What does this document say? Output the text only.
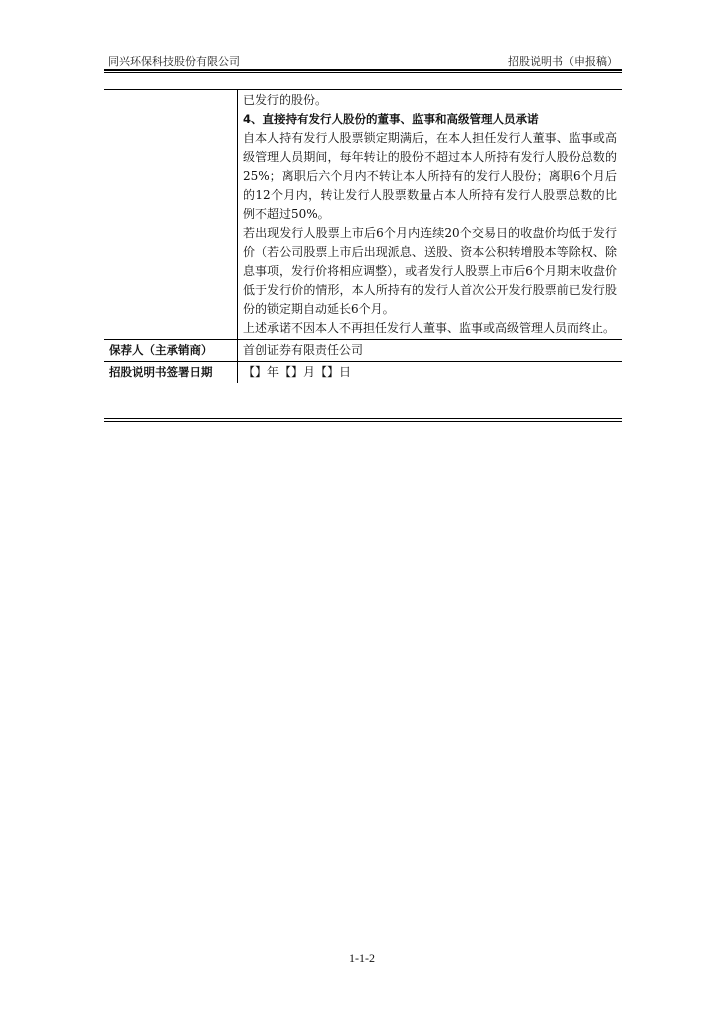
同兴环保科技股份有限公司	招股说明书（申报稿）

	已发行的股份。

4、直接持有发行人股份的董事、监事和高级管理人员承诺

自本人持有发行人股票锁定期满后，在本人担任发行人董事、监事或高级管理人员期间，每年转让的股份不超过本人所持有发行人股份总数的25%；离职后六个月内不转让本人所持有的发行人股份；离职6个月后的12个月内，转让发行人股票数量占本人所持有发行人股票总数的比例不超过50%。

若出现发行人股票上市后6个月内连续20个交易日的收盘价均低于发行价（若公司股票上市后出现派息、送股、资本公积转增股本等除权、除息事项，发行价将相应调整），或者发行人股票上市后6个月期末收盘价低于发行价的情形，本人所持有的发行人首次公开发行股票前已发行股份的锁定期自动延长6个月。

上述承诺不因本人不再担任发行人董事、监事或高级管理人员而终止。

保荐人（主承销商）	首创证券有限责任公司
招股说明书签署日期	【】年【】月【】日
1-1-2
